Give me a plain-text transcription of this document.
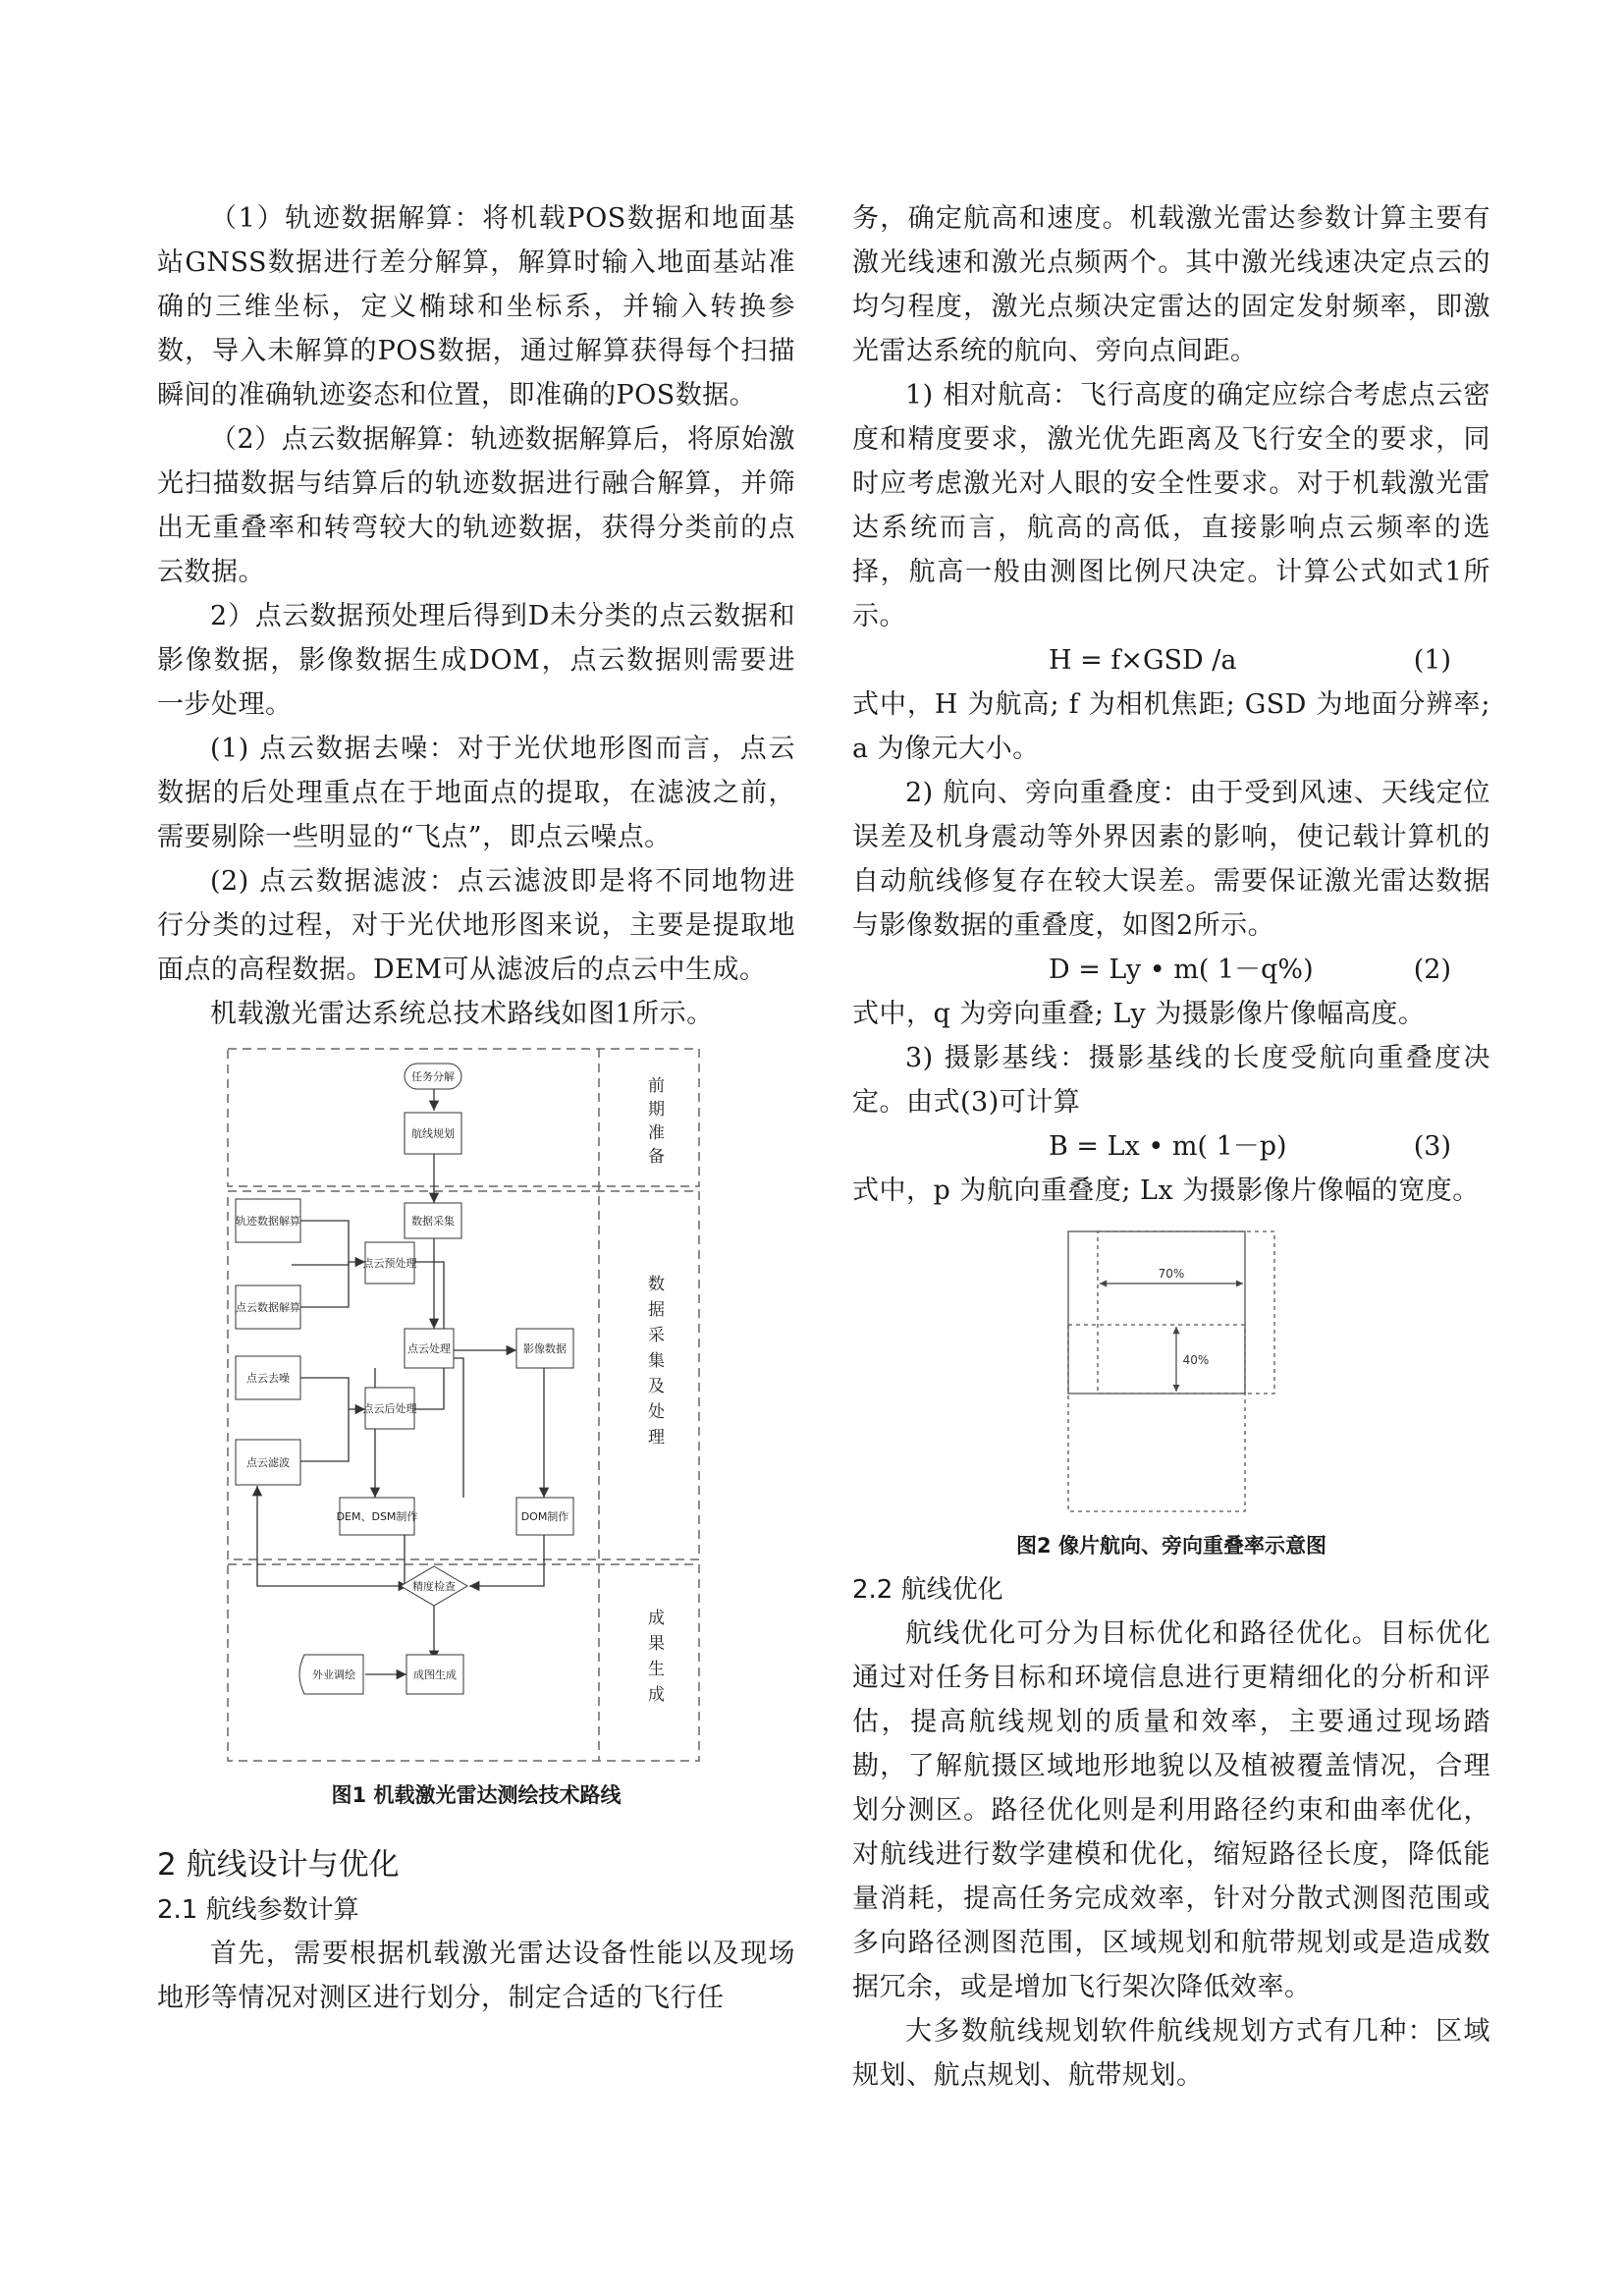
（1）轨迹数据解算：将机载POS数据和地面基站GNSS数据进行差分解算，解算时输入地面基站准确的三维坐标，定义椭球和坐标系，并输入转换参数，导入未解算的POS数据，通过解算获得每个扫描瞬间的准确轨迹姿态和位置，即准确的POS数据。

（2）点云数据解算：轨迹数据解算后，将原始激光扫描数据与结算后的轨迹数据进行融合解算，并筛出无重叠率和转弯较大的轨迹数据，获得分类前的点云数据。

2）点云数据预处理后得到D未分类的点云数据和影像数据，影像数据生成DOM，点云数据则需要进一步处理。

(1) 点云数据去噪：对于光伏地形图而言，点云数据的后处理重点在于地面点的提取，在滤波之前，需要剔除一些明显的“飞点”，即点云噪点。

(2) 点云数据滤波：点云滤波即是将不同地物进行分类的过程，对于光伏地形图来说，主要是提取地面点的高程数据。DEM可从滤波后的点云中生成。

机载激光雷达系统总技术路线如图1所示。

前期准备
数据采集及处理
成果生成
任务分解
航线规划
数据采集
轨迹数据解算
点云数据解算
点云预处理
点云去噪
点云处理	影像数据
点云后处理
点云滤波
DEM、DSM制作	DOM制作
精度检查
外业调绘	成图生成
图1 机载激光雷达测绘技术路线
2 航线设计与优化
2.1 航线参数计算

首先，需要根据机载激光雷达设备性能以及现场地形等情况对测区进行划分，制定合适的飞行任

务，确定航高和速度。机载激光雷达参数计算主要有激光线速和激光点频两个。其中激光线速决定点云的均匀程度，激光点频决定雷达的固定发射频率，即激光雷达系统的航向、旁向点间距。

1) 相对航高：飞行高度的确定应综合考虑点云密度和精度要求，激光优先距离及飞行安全的要求，同时应考虑激光对人眼的安全性要求。对于机载激光雷达系统而言，航高的高低，直接影响点云频率的选择，航高一般由测图比例尺决定。计算公式如式1所示。

H = f×GSD /a	(1)

式中，H 为航高; f 为相机焦距; GSD 为地面分辨率; a 为像元大小。

2) 航向、旁向重叠度：由于受到风速、天线定位误差及机身震动等外界因素的影响，使记载计算机的自动航线修复存在较大误差。需要保证激光雷达数据与影像数据的重叠度，如图2所示。

D = Ly • m( 1－q%)	(2)

式中，q 为旁向重叠; Ly 为摄影像片像幅高度。

3) 摄影基线：摄影基线的长度受航向重叠度决定。由式(3)可计算

B = Lx • m( 1－p)	(3)

式中，p 为航向重叠度; Lx 为摄影像片像幅的宽度。

70%
40%
图2 像片航向、旁向重叠率示意图
2.2 航线优化

航线优化可分为目标优化和路径优化。目标优化通过对任务目标和环境信息进行更精细化的分析和评估，提高航线规划的质量和效率，主要通过现场踏勘，了解航摄区域地形地貌以及植被覆盖情况，合理划分测区。路径优化则是利用路径约束和曲率优化，对航线进行数学建模和优化，缩短路径长度，降低能量消耗，提高任务完成效率，针对分散式测图范围或多向路径测图范围，区域规划和航带规划或是造成数据冗余，或是增加飞行架次降低效率。

大多数航线规划软件航线规划方式有几种：区域规划、航点规划、航带规划。
